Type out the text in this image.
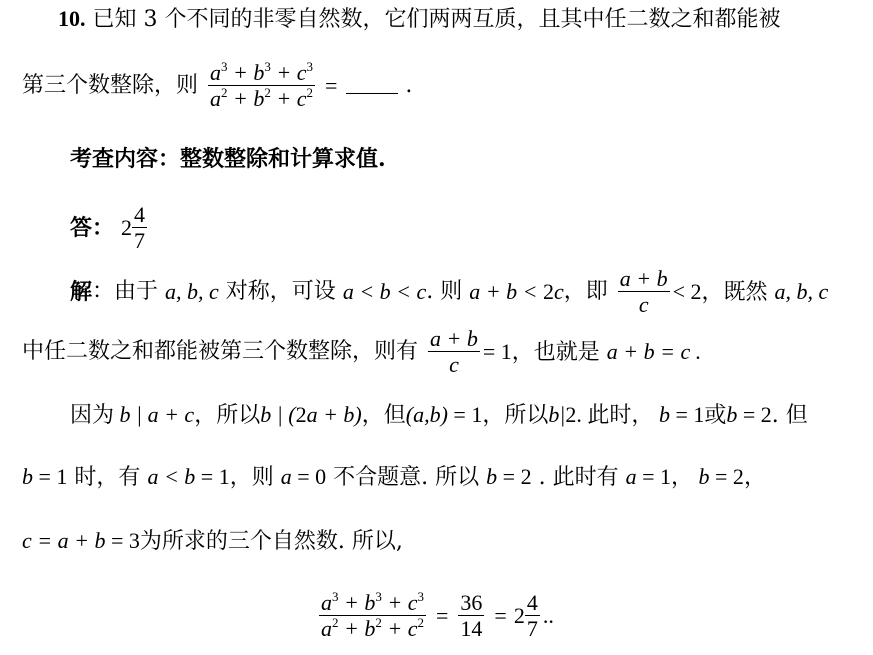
10. 已知 3 个不同的非零自然数，它们两两互质，且其中任二数之和都能被
第三个数整除，则 $\frac{a^3 + b^3 + c^3}{a^2 + b^2 + c^2}$ =	.
考查内容：整数整除和计算求值.
答： $2 \frac{4}{7}$
解：由于 a, b, c 对称，可设 a < b < c. 则 a + b < 2c，即 $\frac{a + b}{c} < 2$，既然 a, b, c
中任二数之和都能被第三个数整除，则有 $\frac{a + b}{c} = 1$，也就是 a + b = c .
因为 b | a + c，所以b | (2a + b)，但(a,b) = 1，所以b|2. 此时， b = 1或b = 2. 但
b = 1 时，有 a < b = 1，则 a = 0 不合题意. 所以 b = 2 . 此时有 a = 1， b = 2，
c = a + b = 3为所求的三个自然数. 所以,
$\frac{a^3 + b^3 + c^3}{a^2 + b^2 + c^2} = \frac{36}{14} = 2 \frac{4}{7}$ ..
